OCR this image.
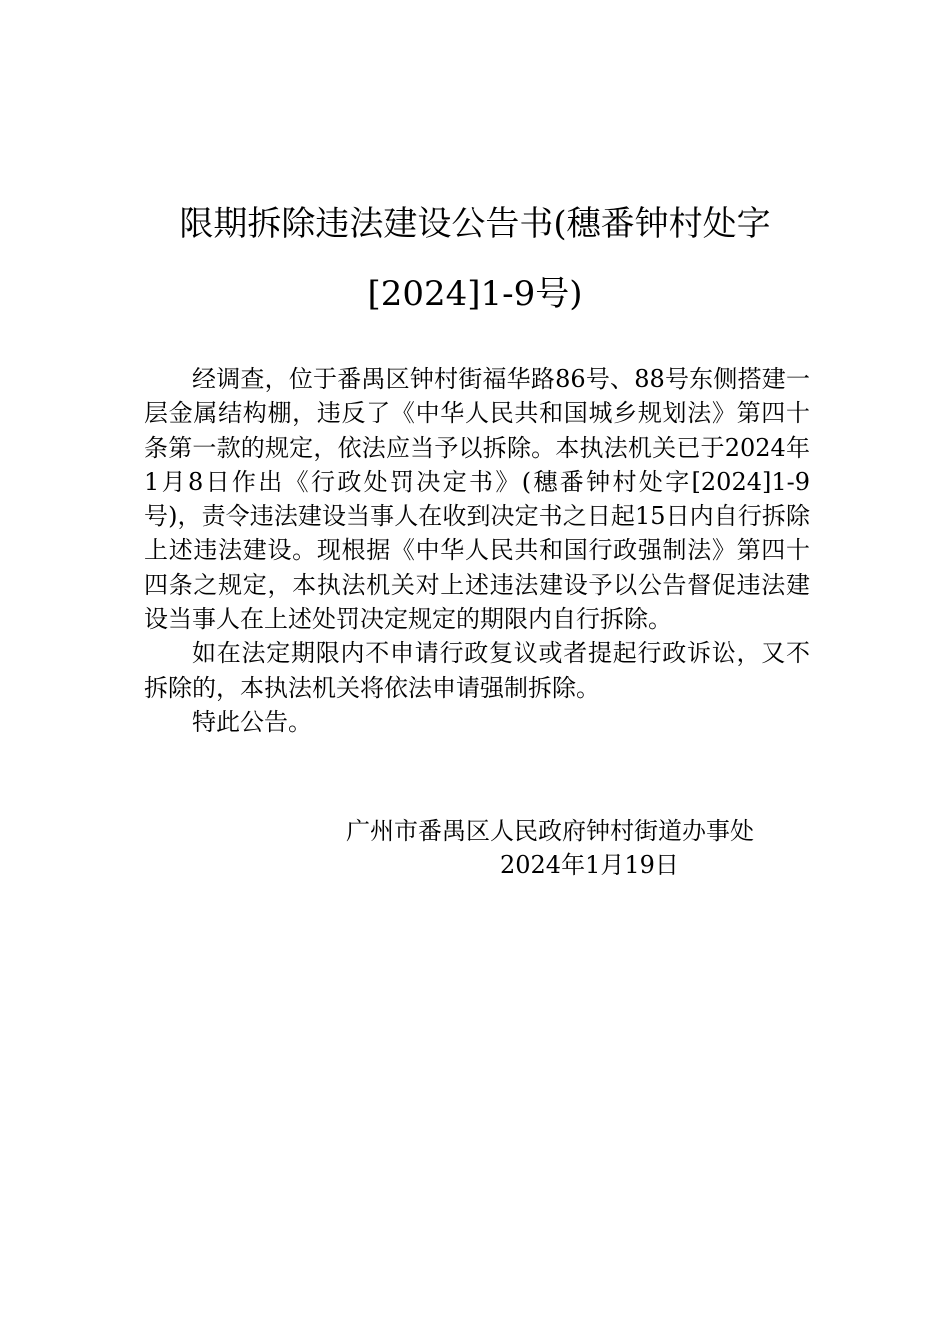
限期拆除违法建设公告书(穗番钟村处字
[2024]1-9号)

经调查，位于番禺区钟村街福华路86号、88号东侧搭建一层金属结构棚，违反了《中华人民共和国城乡规划法》第四十条第一款的规定，依法应当予以拆除。本执法机关已于2024年1月8日作出《行政处罚决定书》(穗番钟村处字[2024]1-9号)，责令违法建设当事人在收到决定书之日起15日内自行拆除上述违法建设。现根据《中华人民共和国行政强制法》第四十四条之规定，本执法机关对上述违法建设予以公告督促违法建设当事人在上述处罚决定规定的期限内自行拆除。

如在法定期限内不申请行政复议或者提起行政诉讼，又不拆除的，本执法机关将依法申请强制拆除。

特此公告。

广州市番禺区人民政府钟村街道办事处
2024年1月19日
